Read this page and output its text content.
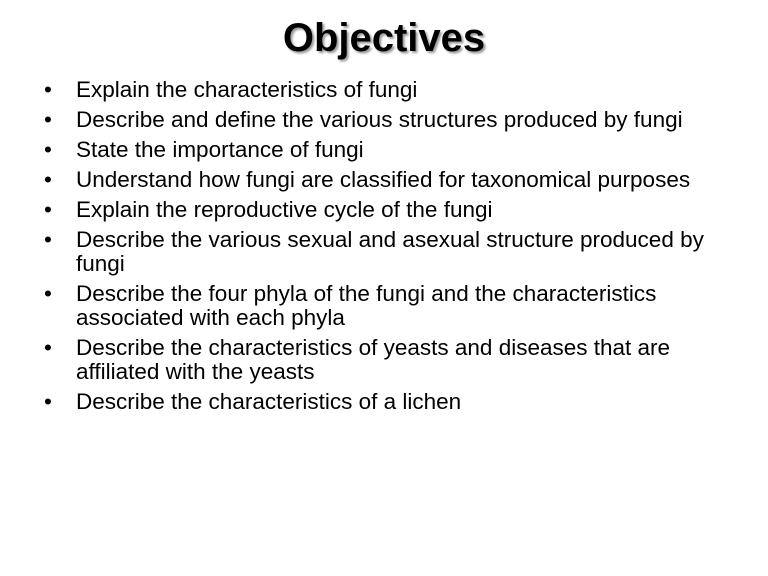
Objectives
•	Explain the characteristics of fungi
•	Describe and define the various structures produced by fungi
•	State the importance of fungi
•	Understand how fungi are classified for taxonomical purposes
•	Explain the reproductive cycle of the fungi
•	Describe the various sexual and asexual structure produced by fungi
•	Describe the four phyla of the fungi and the characteristics associated with each phyla
•	Describe the characteristics of yeasts and diseases that are affiliated with the yeasts
•	Describe the characteristics of a lichen
